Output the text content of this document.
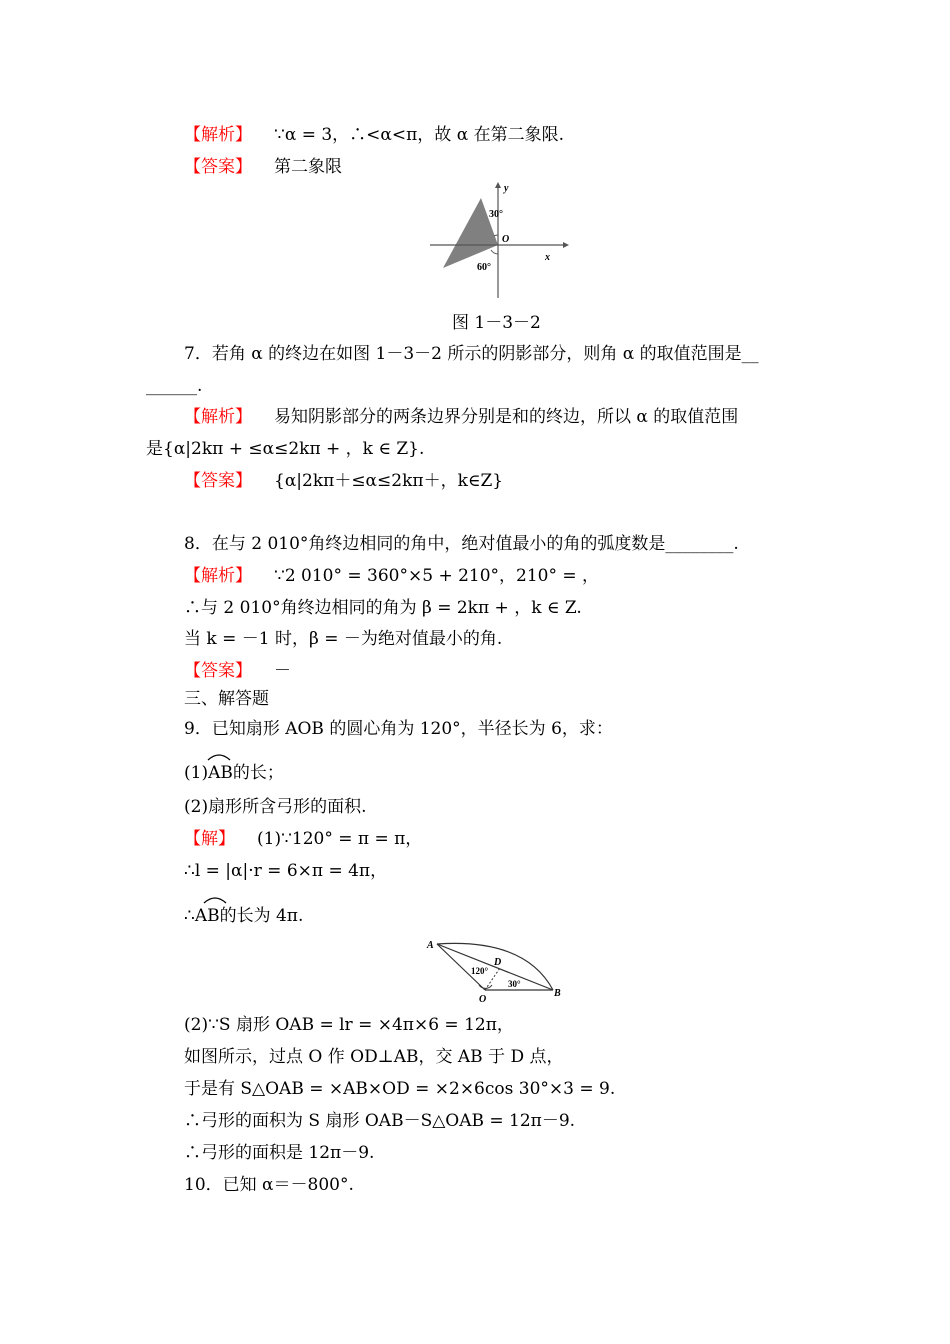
【解析】 ∵α = 3，∴<α<π，故 α 在第二象限.
【答案】 第二象限
y
x
O
30°
60°
图 1－3－2
7．若角 α 的终边在如图 1－3－2 所示的阴影部分，则角 α 的取值范围是__
______.
【解析】 易知阴影部分的两条边界分别是和的终边，所以 α 的取值范围
是{α|2kπ + ≤α≤2kπ + ，k ∈ Z}.
【答案】 {α|2kπ＋≤α≤2kπ＋，k∈Z}
8．在与 2 010°角终边相同的角中，绝对值最小的角的弧度数是________.
【解析】 ∵2 010° = 360°×5 + 210°，210° = ，
∴与 2 010°角终边相同的角为 β = 2kπ + ，k ∈ Z.
当 k = －1 时，β = －为绝对值最小的角.
【答案】 －
三、解答题
9．已知扇形 AOB 的圆心角为 120°，半径长为 6，求：
(1)AB的长；
(2)扇形所含弓形的面积.
【解】 (1)∵120° = π = π，
∴l = |α|·r = 6×π = 4π，
∴AB的长为 4π.
A
B
D
O
120°
30°
(2)∵S 扇形 OAB = lr = ×4π×6 = 12π，
如图所示，过点 O 作 OD⊥AB，交 AB 于 D 点，
于是有 S△OAB = ×AB×OD = ×2×6cos 30°×3 = 9.
∴弓形的面积为 S 扇形 OAB－S△OAB = 12π－9.
∴弓形的面积是 12π－9.
10．已知 α＝－800°.
